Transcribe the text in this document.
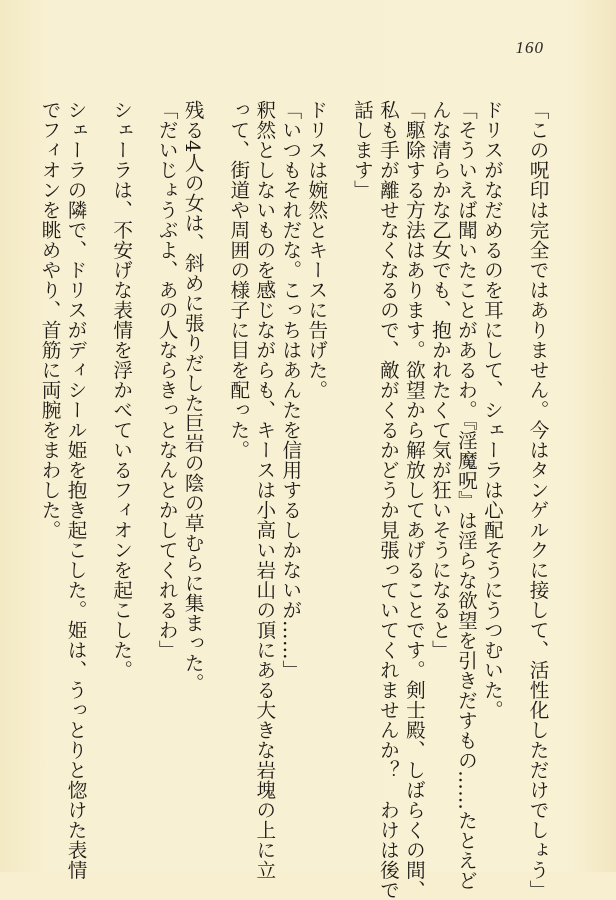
160
「この呪印は完全ではありません。今はタンゲルクに接して、活性化しただけでしょう」
ドリスがなだめるのを耳にして、シェーラは心配そうにうつむいた。
「そういえば聞いたことがあるわ。『淫魔呪』は淫らな欲望を引きだすもの……たとえど
んな清らかな乙女でも、抱かれたくて気が狂いそうになると」
「駆除する方法はあります。欲望から解放してあげることです。剣士殿、しばらくの間、
私も手が離せなくなるので、敵がくるかどうか見張っていてくれませんか？　わけは後で
話します」
ドリスは婉然とキースに告げた。
「いつもそれだな。こっちはあんたを信用するしかないが……」
釈然としないものを感じながらも、キースは小高い岩山の頂にある大きな岩塊の上に立
って、街道や周囲の様子に目を配った。
残る4人の女は、斜めに張りだした巨岩の陰の草むらに集まった。
「だいじょうぶよ、あの人ならきっとなんとかしてくれるわ」
シェーラは、不安げな表情を浮かべているフィオンを起こした。
シェーラの隣で、ドリスがディシール姫を抱き起こした。姫は、うっとりと惚けた表情
でフィオンを眺めやり、首筋に両腕をまわした。
